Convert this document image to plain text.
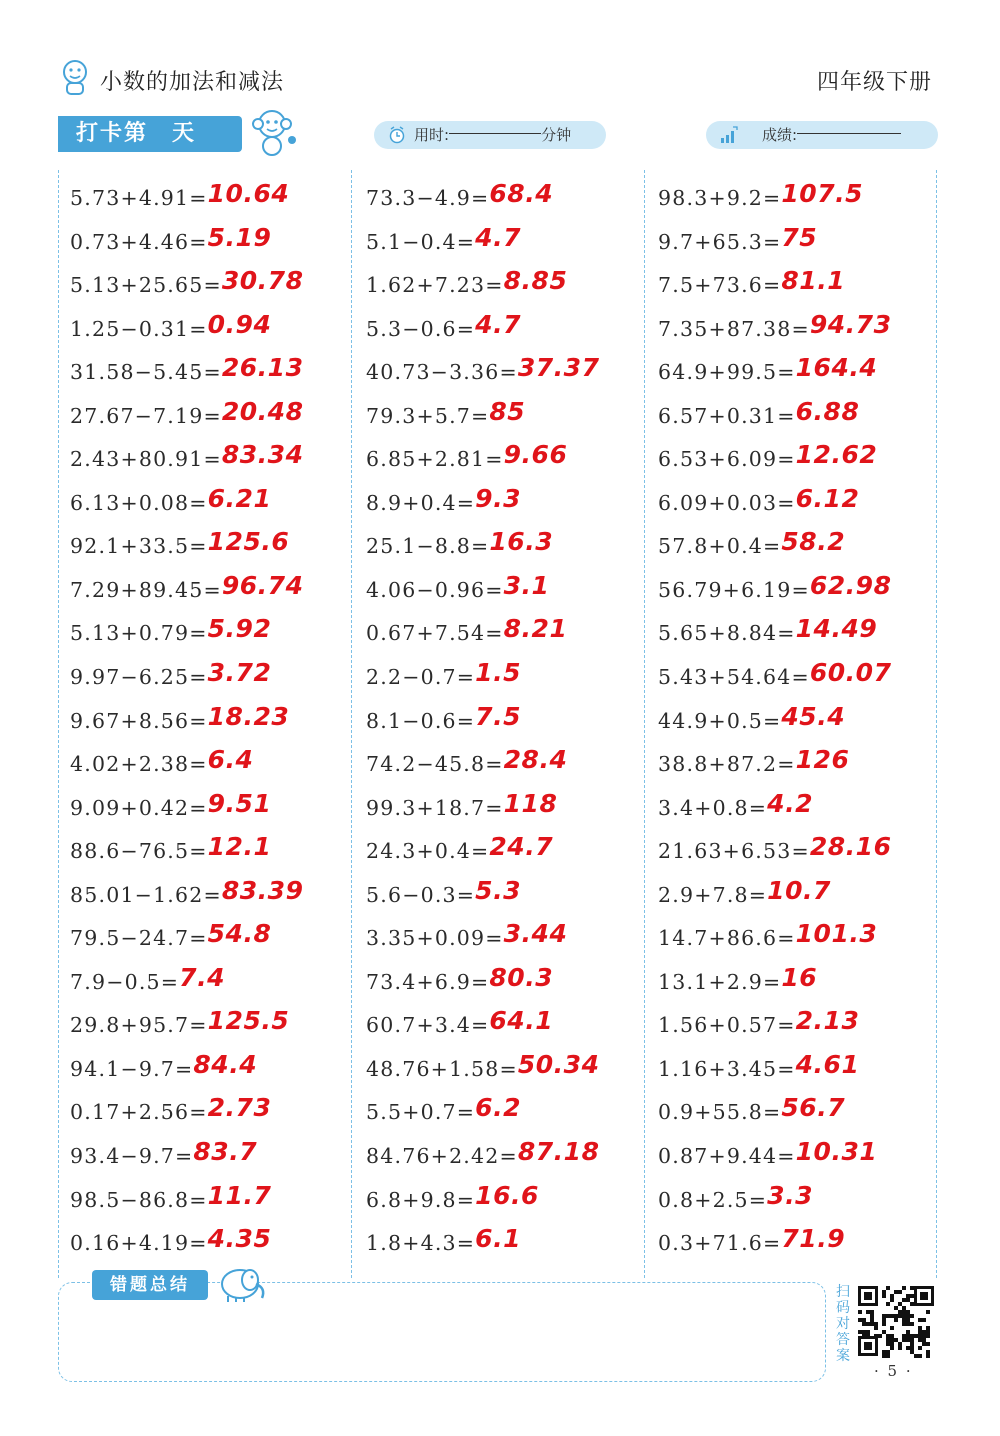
小数的加法和减法	四年级下册
打卡第　天	用时:	分钟	成绩:
5.73+4.91=10.64
0.73+4.46=5.19
5.13+25.65=30.78
1.25−0.31=0.94
31.58−5.45=26.13
27.67−7.19=20.48
2.43+80.91=83.34
6.13+0.08=6.21
92.1+33.5=125.6
7.29+89.45=96.74
5.13+0.79=5.92
9.97−6.25=3.72
9.67+8.56=18.23
4.02+2.38=6.4
9.09+0.42=9.51
88.6−76.5=12.1
85.01−1.62=83.39
79.5−24.7=54.8
7.9−0.5=7.4
29.8+95.7=125.5
94.1−9.7=84.4
0.17+2.56=2.73
93.4−9.7=83.7
98.5−86.8=11.7
0.16+4.19=4.35
73.3−4.9=68.4
5.1−0.4=4.7
1.62+7.23=8.85
5.3−0.6=4.7
40.73−3.36=37.37
79.3+5.7=85
6.85+2.81=9.66
8.9+0.4=9.3
25.1−8.8=16.3
4.06−0.96=3.1
0.67+7.54=8.21
2.2−0.7=1.5
8.1−0.6=7.5
74.2−45.8=28.4
99.3+18.7=118
24.3+0.4=24.7
5.6−0.3=5.3
3.35+0.09=3.44
73.4+6.9=80.3
60.7+3.4=64.1
48.76+1.58=50.34
5.5+0.7=6.2
84.76+2.42=87.18
6.8+9.8=16.6
1.8+4.3=6.1
98.3+9.2=107.5
9.7+65.3=75
7.5+73.6=81.1
7.35+87.38=94.73
64.9+99.5=164.4
6.57+0.31=6.88
6.53+6.09=12.62
6.09+0.03=6.12
57.8+0.4=58.2
56.79+6.19=62.98
5.65+8.84=14.49
5.43+54.64=60.07
44.9+0.5=45.4
38.8+87.2=126
3.4+0.8=4.2
21.63+6.53=28.16
2.9+7.8=10.7
14.7+86.6=101.3
13.1+2.9=16
1.56+0.57=2.13
1.16+3.45=4.61
0.9+55.8=56.7
0.87+9.44=10.31
0.8+2.5=3.3
0.3+71.6=71.9
错题总结	扫码对答案
· 5 ·
